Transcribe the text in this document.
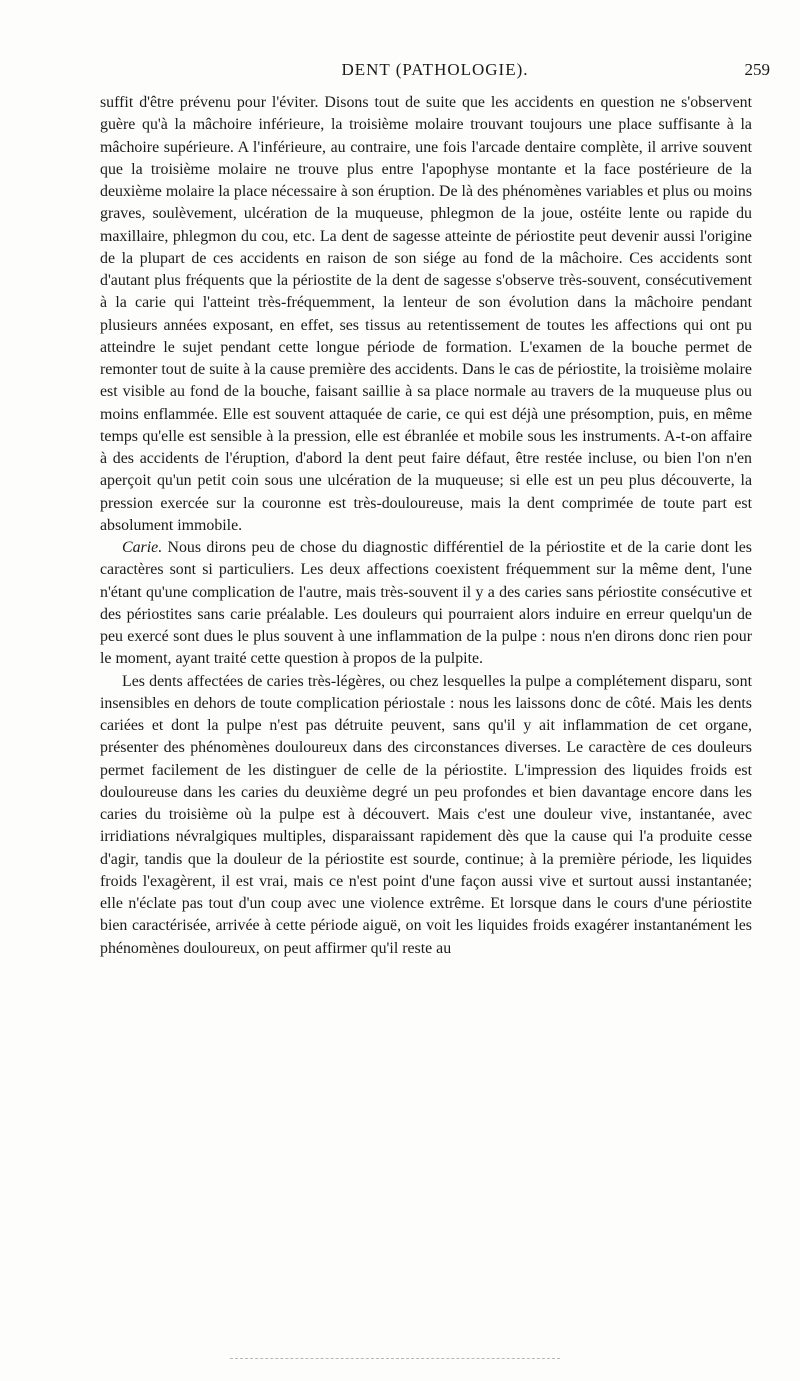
DENT (PATHOLOGIE).	259

suffit d'être prévenu pour l'éviter. Disons tout de suite que les accidents en question ne s'observent guère qu'à la mâchoire inférieure, la troisième molaire trouvant toujours une place suffisante à la mâchoire supérieure. A l'inférieure, au contraire, une fois l'arcade dentaire complète, il arrive souvent que la troisième molaire ne trouve plus entre l'apophyse montante et la face postérieure de la deuxième molaire la place nécessaire à son éruption. De là des phénomènes variables et plus ou moins graves, soulèvement, ulcération de la muqueuse, phlegmon de la joue, ostéite lente ou rapide du maxillaire, phlegmon du cou, etc. La dent de sagesse atteinte de périostite peut devenir aussi l'origine de la plupart de ces accidents en raison de son siége au fond de la mâchoire. Ces accidents sont d'autant plus fréquents que la périostite de la dent de sagesse s'observe très-souvent, consécutivement à la carie qui l'atteint très-fréquemment, la lenteur de son évolution dans la mâchoire pendant plusieurs années exposant, en effet, ses tissus au retentissement de toutes les affections qui ont pu atteindre le sujet pendant cette longue période de formation. L'examen de la bouche permet de remonter tout de suite à la cause première des accidents. Dans le cas de périostite, la troisième molaire est visible au fond de la bouche, faisant saillie à sa place normale au travers de la muqueuse plus ou moins enflammée. Elle est souvent attaquée de carie, ce qui est déjà une présomption, puis, en même temps qu'elle est sensible à la pression, elle est ébranlée et mobile sous les instruments. A-t-on affaire à des accidents de l'éruption, d'abord la dent peut faire défaut, être restée incluse, ou bien l'on n'en aperçoit qu'un petit coin sous une ulcération de la muqueuse; si elle est un peu plus découverte, la pression exercée sur la couronne est très-douloureuse, mais la dent comprimée de toute part est absolument immobile.

Carie. Nous dirons peu de chose du diagnostic différentiel de la périostite et de la carie dont les caractères sont si particuliers. Les deux affections coexistent fréquemment sur la même dent, l'une n'étant qu'une complication de l'autre, mais très-souvent il y a des caries sans périostite consécutive et des périostites sans carie préalable. Les douleurs qui pourraient alors induire en erreur quelqu'un de peu exercé sont dues le plus souvent à une inflammation de la pulpe : nous n'en dirons donc rien pour le moment, ayant traité cette question à propos de la pulpite.

Les dents affectées de caries très-légères, ou chez lesquelles la pulpe a complétement disparu, sont insensibles en dehors de toute complication périostale : nous les laissons donc de côté. Mais les dents cariées et dont la pulpe n'est pas détruite peuvent, sans qu'il y ait inflammation de cet organe, présenter des phénomènes douloureux dans des circonstances diverses. Le caractère de ces douleurs permet facilement de les distinguer de celle de la périostite. L'impression des liquides froids est douloureuse dans les caries du deuxième degré un peu profondes et bien davantage encore dans les caries du troisième où la pulpe est à découvert. Mais c'est une douleur vive, instantanée, avec irridiations névralgiques multiples, disparaissant rapidement dès que la cause qui l'a produite cesse d'agir, tandis que la douleur de la périostite est sourde, continue; à la première période, les liquides froids l'exagèrent, il est vrai, mais ce n'est point d'une façon aussi vive et surtout aussi instantanée; elle n'éclate pas tout d'un coup avec une violence extrême. Et lorsque dans le cours d'une périostite bien caractérisée, arrivée à cette période aiguë, on voit les liquides froids exagérer instantanément les phénomènes douloureux, on peut affirmer qu'il reste au
